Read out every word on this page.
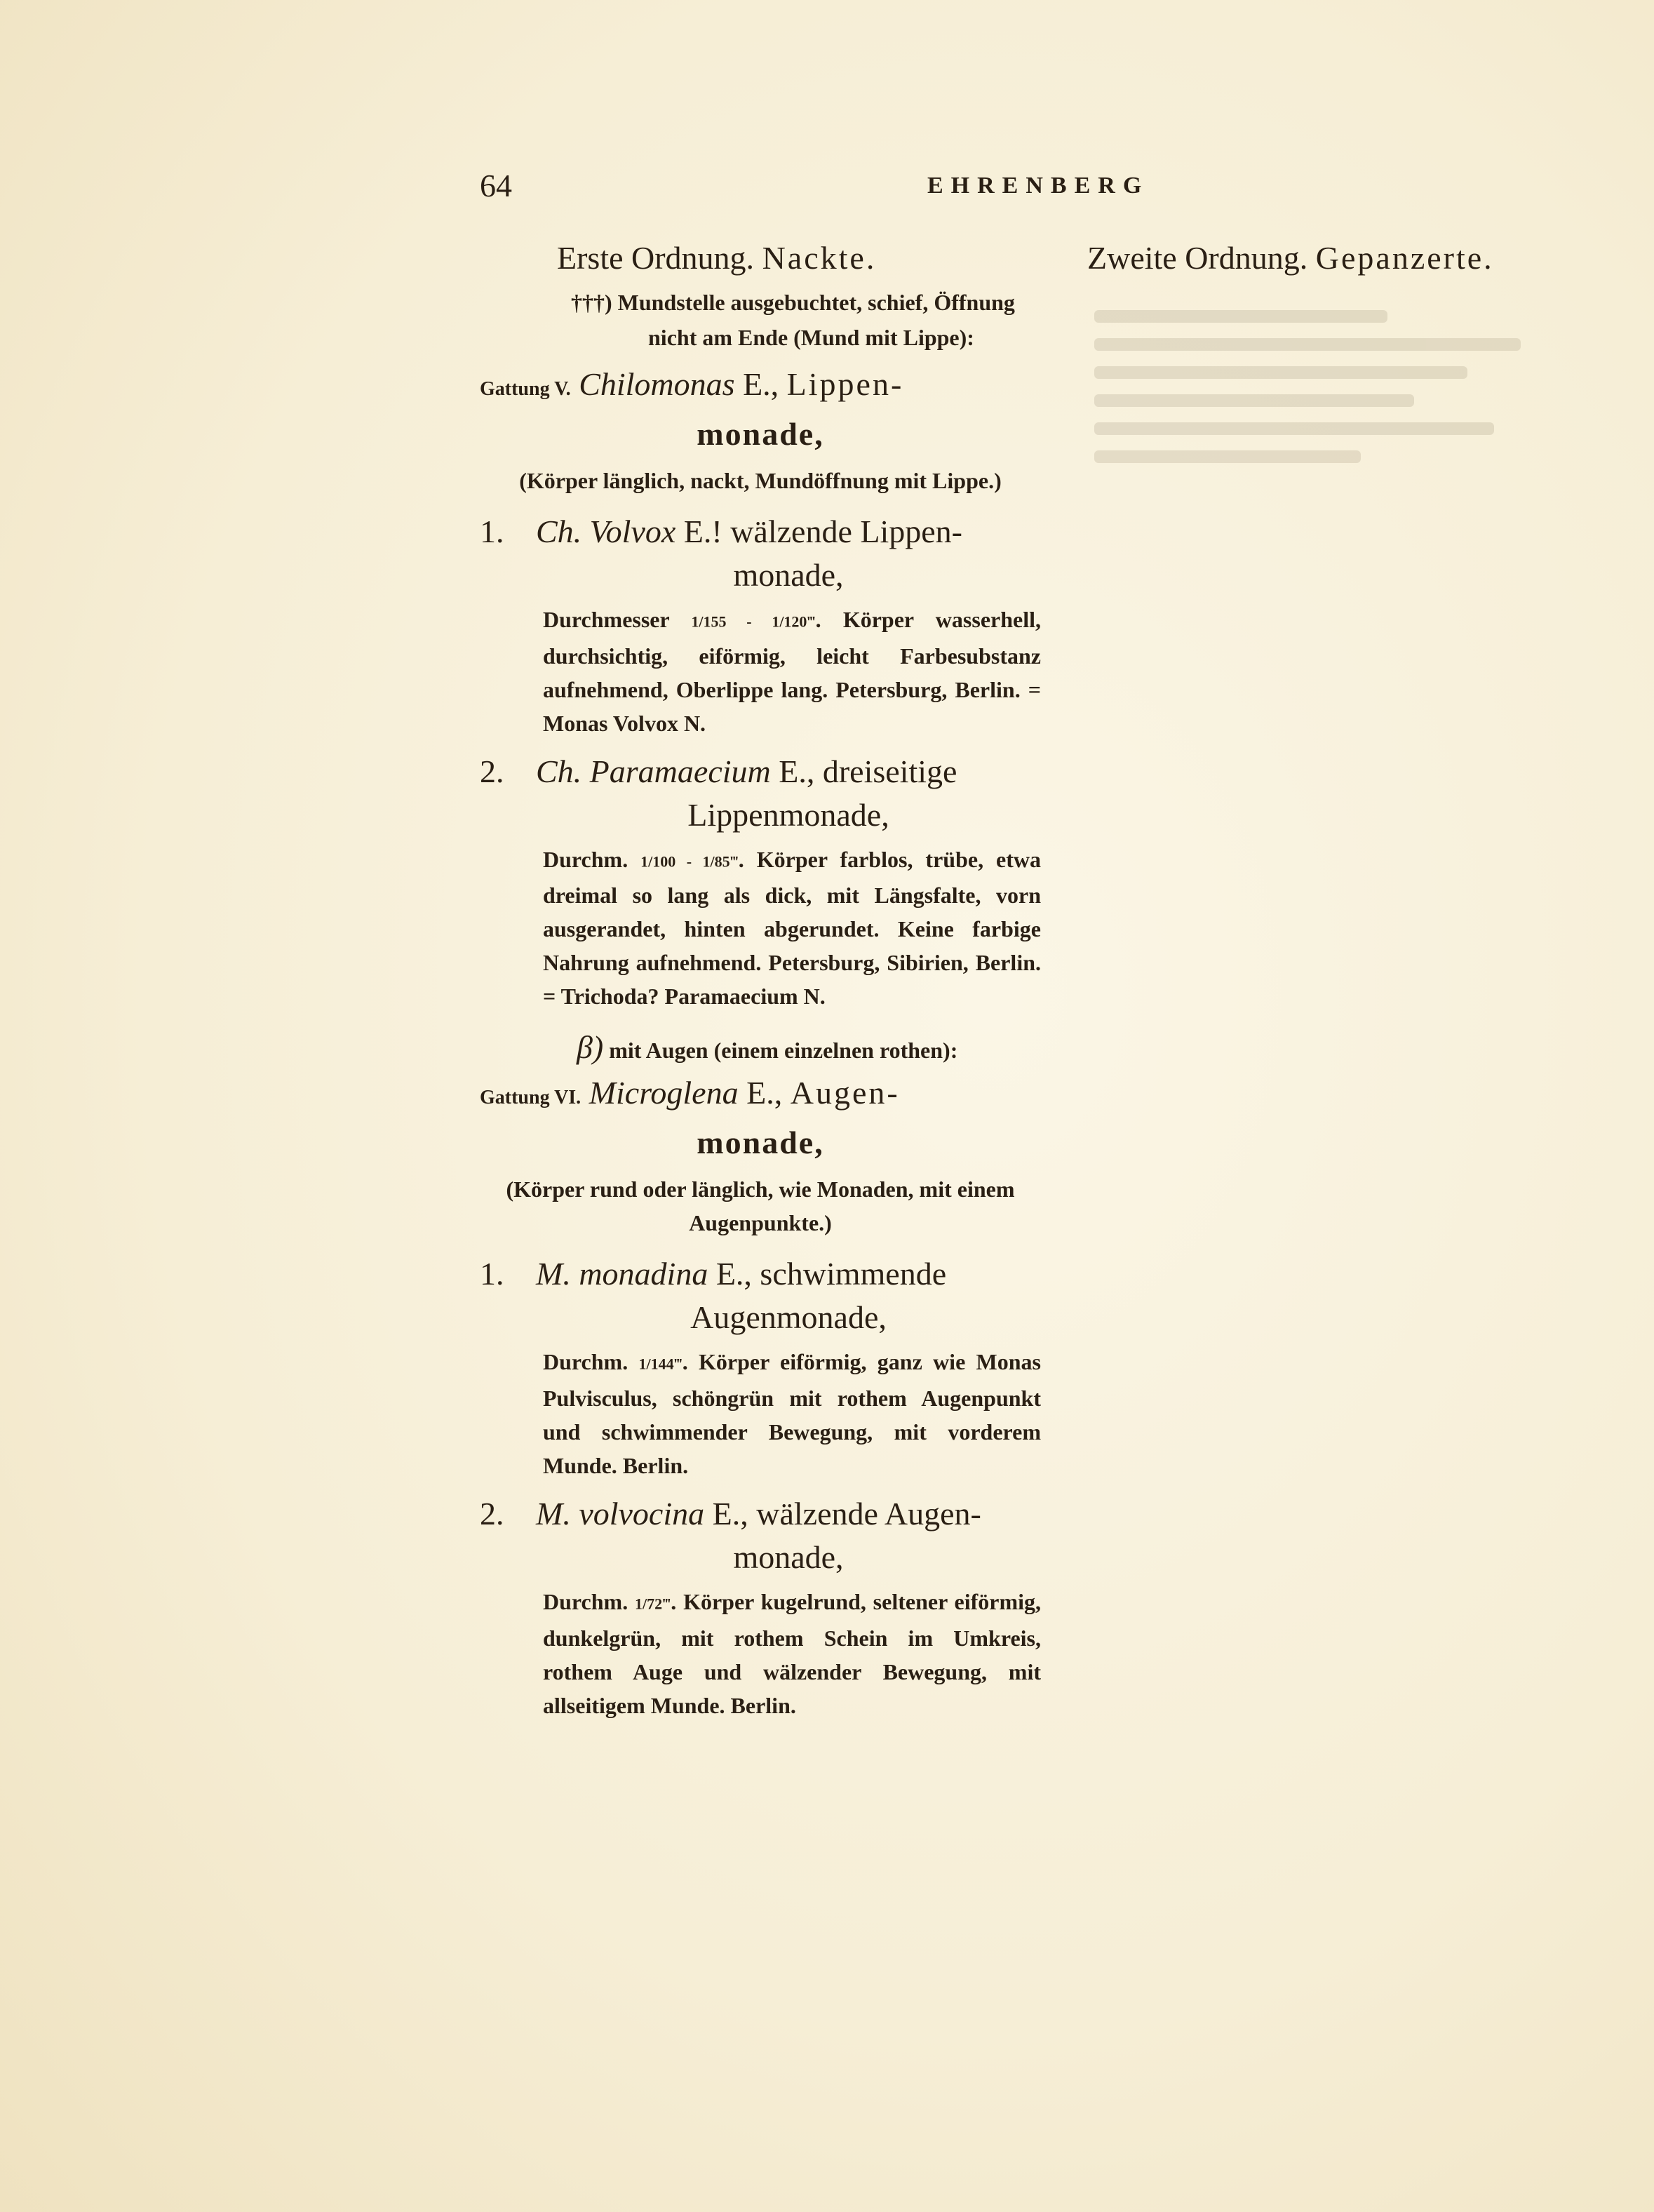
64	EHRENBERG
Erste Ordnung. Nackte.
†††) Mundstelle ausgebuchtet, schief, Öffnung nicht am Ende (Mund mit Lippe):
Gattung V. Chilomonas E., Lippen-
monade,
(Körper länglich, nackt, Mundöffnung mit Lippe.)
1. Ch. Volvox E.! wälzende Lippen-
monade,
Durchmesser 1/155 - 1/120‴. Körper wasserhell, durchsichtig, eiförmig, leicht Farbesubstanz aufnehmend, Oberlippe lang. Petersburg, Berlin. = Monas Volvox N.
2. Ch. Paramaecium E., dreiseitige
Lippenmonade,
Durchm. 1/100 - 1/85‴. Körper farblos, trübe, etwa dreimal so lang als dick, mit Längsfalte, vorn ausgerandet, hinten abgerundet. Keine farbige Nahrung aufnehmend. Petersburg, Sibirien, Berlin. = Trichoda? Paramaecium N.
β) mit Augen (einem einzelnen rothen):
Gattung VI. Microglena E., Augen-
monade,
(Körper rund oder länglich, wie Monaden, mit einem Augenpunkte.)
1. M. monadina E., schwimmende
Augenmonade,
Durchm. 1/144‴. Körper eiförmig, ganz wie Monas Pulvisculus, schöngrün mit rothem Augenpunkt und schwimmender Bewegung, mit vorderem Munde. Berlin.
2. M. volvocina E., wälzende Augen-
monade,
Durchm. 1/72‴. Körper kugelrund, seltener eiförmig, dunkelgrün, mit rothem Schein im Umkreis, rothem Auge und wälzender Bewegung, mit allseitigem Munde. Berlin.
Zweite Ordnung. Gepanzerte.
